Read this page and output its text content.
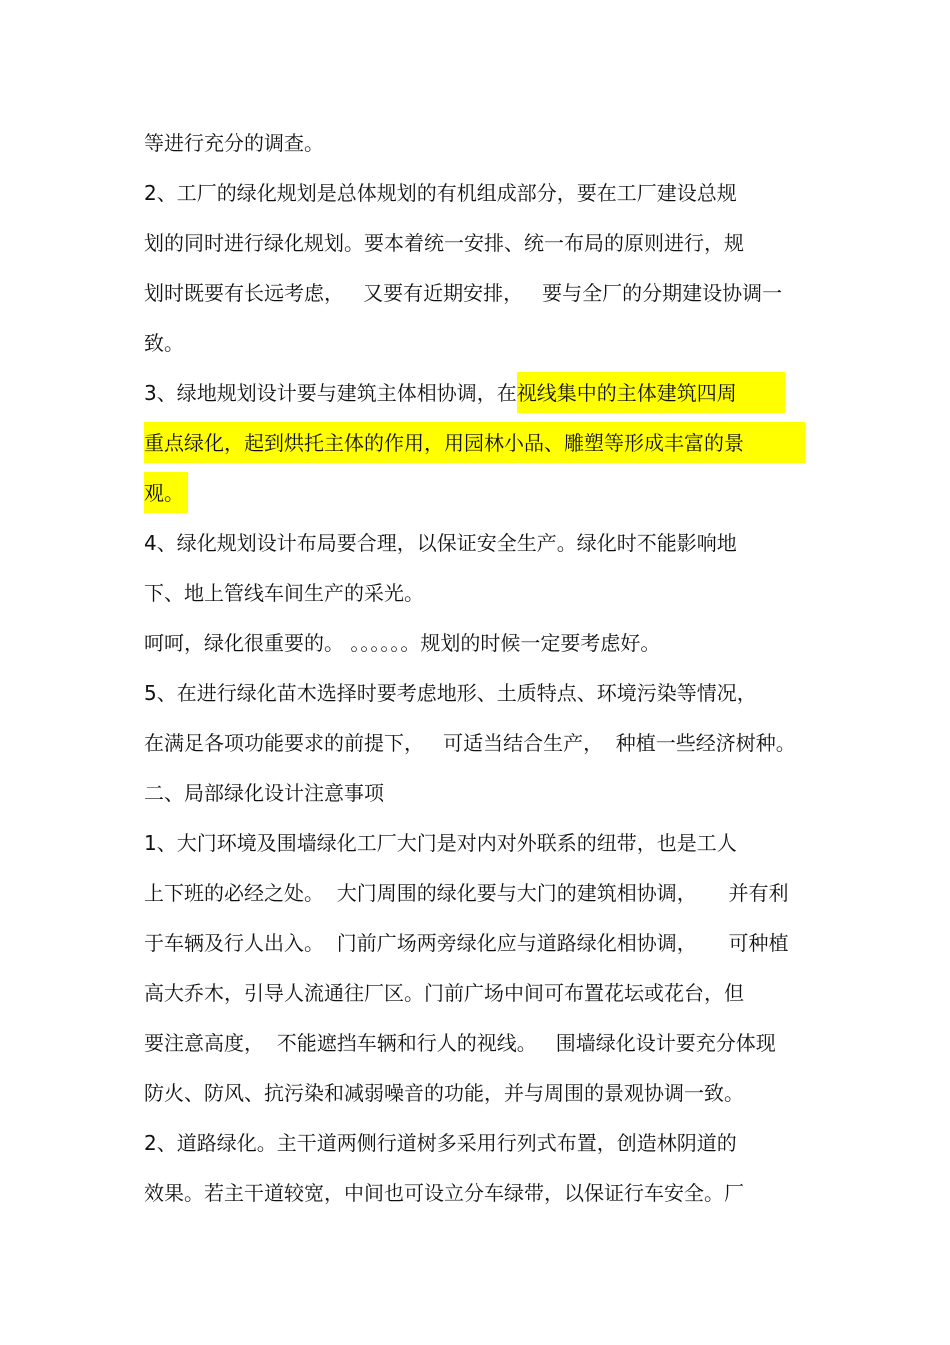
等进行充分的调查。
2、工厂的绿化规划是总体规划的有机组成部分，要在工厂建设总规
划的同时进行绿化规划。要本着统一安排、统一布局的原则进行，规
划时既要有长远考虑，   又要有近期安排，   要与全厂的分期建设协调一
致。
3、绿地规划设计要与建筑主体相协调，在视线集中的主体建筑四周
重点绿化，起到烘托主体的作用，用园林小品、雕塑等形成丰富的景
观。
4、绿化规划设计布局要合理，以保证安全生产。绿化时不能影响地
下、地上管线车间生产的采光。
呵呵，绿化很重要的。 。。。。。。规划的时候一定要考虑好。
5、在进行绿化苗木选择时要考虑地形、土质特点、环境污染等情况，
在满足各项功能要求的前提下，   可适当结合生产，  种植一些经济树种。
二、局部绿化设计注意事项
1、大门环境及围墙绿化工厂大门是对内对外联系的纽带，也是工人
上下班的必经之处。  大门周围的绿化要与大门的建筑相协调，     并有利
于车辆及行人出入。  门前广场两旁绿化应与道路绿化相协调，     可种植
高大乔木，引导人流通往厂区。门前广场中间可布置花坛或花台，但
要注意高度，  不能遮挡车辆和行人的视线。   围墙绿化设计要充分体现
防火、防风、抗污染和减弱噪音的功能，并与周围的景观协调一致。
2、道路绿化。主干道两侧行道树多采用行列式布置，创造林阴道的
效果。若主干道较宽，中间也可设立分车绿带，以保证行车安全。厂
